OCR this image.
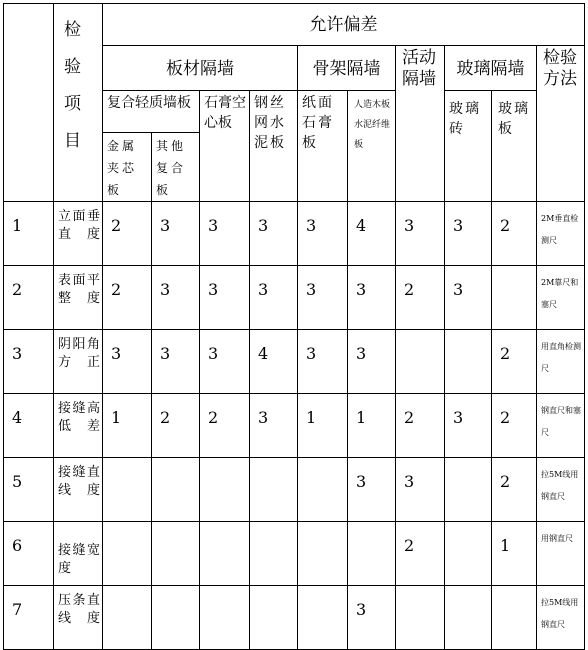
	检
验
项
目	允许偏差									
		板材隔墙				骨架隔墙		活动隔墙	玻璃隔墙		检验方法
		复合轻质墙板		石膏空心板	钢丝网水泥板	纸面石膏板	人造木板水泥纤维板		玻璃砖	玻璃板	
		金属夹芯板	其他复合板								
1	立面垂直度	2	3	3	3	3	4	3	3	2	2M垂直检测尺
2	表面平整度	2	3	3	3	3	3	2	3		2M靠尺和塞尺
3	阴阳角方正	3	3	3	4	3	3			2	用直角检测尺
4	接缝高低差	1	2	2	3	1	1	2	3	2	钢直尺和塞尺
5	接缝直线度						3	3		2	拉5M线用钢直尺
6	接缝宽度							2		1	用钢直尺
7	压条直线度						3				拉5M线用钢直尺
